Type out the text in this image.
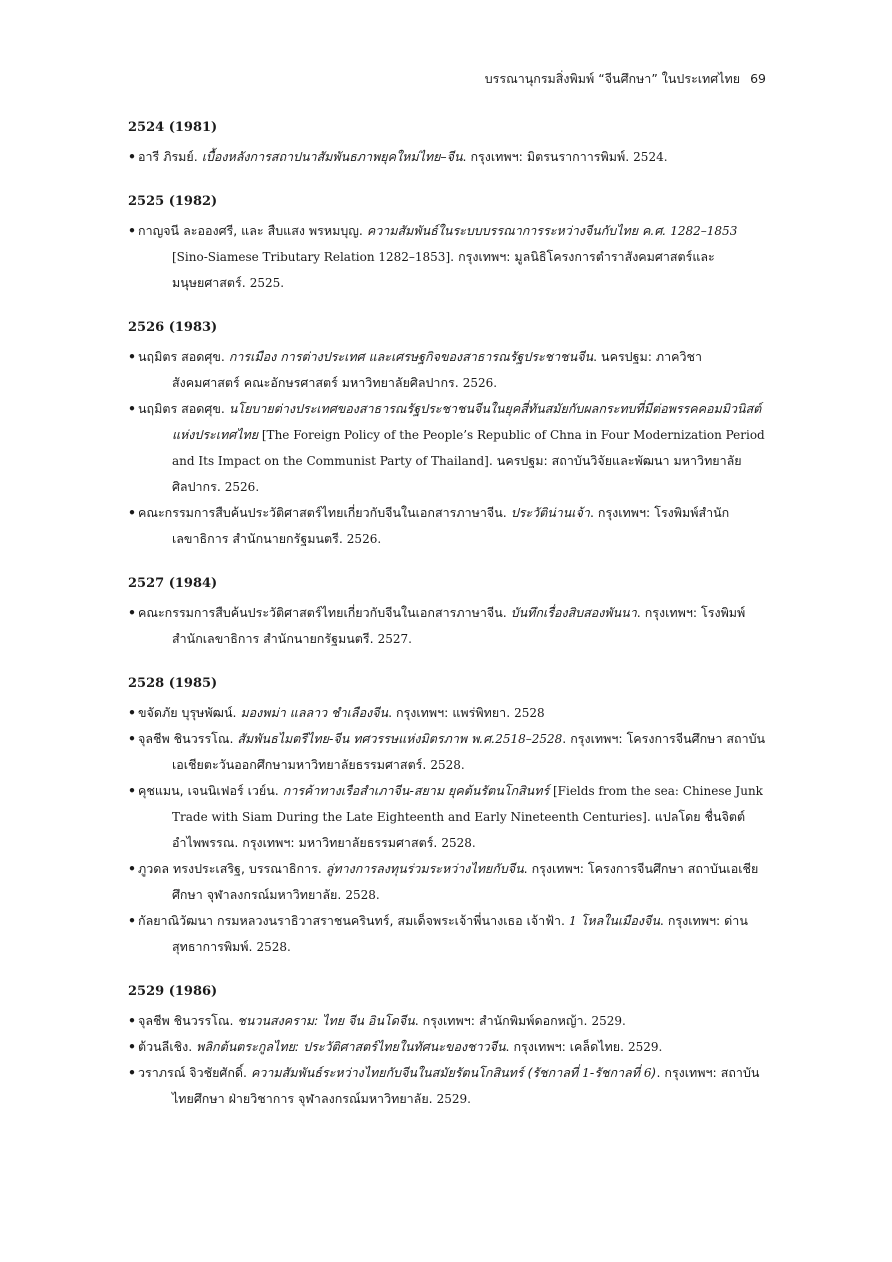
บรรณานุกรมสิ่งพิมพ์ “จีนศึกษา” ในประเทศไทย 69
2524 (1981)
• อารี ภิรมย์. เบื้องหลังการสถาปนาสัมพันธภาพยุคใหม่ไทย–จีน. กรุงเทพฯ: มิตรนรากาารพิมพ์. 2524.
2525 (1982)
• กาญจนี ละอองศรี, และ สืบแสง พรหมบุญ. ความสัมพันธ์ในระบบบรรณาการระหว่างจีนกับไทย ค.ศ. 1282–1853 [Sino-Siamese Tributary Relation 1282–1853]. กรุงเทพฯ: มูลนิธิโครงการตำราสังคมศาสตร์และมนุษยศาสตร์. 2525.
2526 (1983)
• นฤมิตร สอดศุข. การเมือง การต่างประเทศ และเศรษฐกิจของสาธารณรัฐประชาชนจีน. นครปฐม: ภาควิชาสังคมศาสตร์ คณะอักษรศาสตร์ มหาวิทยาลัยศิลปากร. 2526.
• นฤมิตร สอดศุข. นโยบายต่างประเทศของสาธารณรัฐประชาชนจีนในยุคสี่ทันสมัยกับผลกระทบที่มีต่อพรรคคอมมิวนิสต์แห่งประเทศไทย [The Foreign Policy of the People’s Republic of Chna in Four Modernization Period and Its Impact on the Communist Party of Thailand]. นครปฐม: สถาบันวิจัยและพัฒนา มหาวิทยาลัยศิลปากร. 2526.
• คณะกรรมการสืบค้นประวัติศาสตร์ไทยเกี่ยวกับจีนในเอกสารภาษาจีน. ประวัติน่านเจ้า. กรุงเทพฯ: โรงพิมพ์สำนักเลขาธิการ สำนักนายกรัฐมนตรี. 2526.
2527 (1984)
• คณะกรรมการสืบค้นประวัติศาสตร์ไทยเกี่ยวกับจีนในเอกสารภาษาจีน. บันทึกเรื่องสิบสองพันนา. กรุงเทพฯ: โรงพิมพ์สำนักเลขาธิการ สำนักนายกรัฐมนตรี. 2527.
2528 (1985)
• ขจัดภัย บุรุษพัฒน์. มองพม่า แลลาว ชำเลืองจีน. กรุงเทพฯ: แพร่พิทยา. 2528
• จุลชีพ ชินวรรโณ. สัมพันธไมตรีไทย-จีน ทศวรรษแห่งมิตรภาพ พ.ศ.2518–2528. กรุงเทพฯ: โครงการจีนศึกษา สถาบันเอเชียตะวันออกศึกษามหาวิทยาลัยธรรมศาสตร์. 2528.
• คุชแมน, เจนนิเฟอร์ เวย์น. การค้าทางเรือสำเภาจีน-สยาม ยุคต้นรัตนโกสินทร์ [Fields from the sea: Chinese Junk Trade with Siam During the Late Eighteenth and Early Nineteenth Centuries]. แปลโดย ชื่นจิตต์ อำไพพรรณ. กรุงเทพฯ: มหาวิทยาลัยธรรมศาสตร์. 2528.
• ภูวดล ทรงประเสริฐ, บรรณาธิการ. ลู่ทางการลงทุนร่วมระหว่างไทยกับจีน. กรุงเทพฯ: โครงการจีนศึกษา สถาบันเอเชียศึกษา จุฬาลงกรณ์มหาวิทยาลัย. 2528.
• กัลยาณิวัฒนา กรมหลวงนราธิวาสราชนครินทร์, สมเด็จพระเจ้าพี่นางเธอ เจ้าฟ้า. 1 โหลในเมืองจีน. กรุงเทพฯ: ด่านสุทธาการพิมพ์. 2528.
2529 (1986)
• จุลชีพ ชินวรรโณ. ชนวนสงคราม: ไทย จีน อินโดจีน. กรุงเทพฯ: สำนักพิมพ์ดอกหญ้า. 2529.
• ต้วนลีเชิง. พลิกต้นตระกูลไทย: ประวัติศาสตร์ไทยในทัศนะของชาวจีน. กรุงเทพฯ: เคล็ดไทย. 2529.
• วราภรณ์ จิวชัยศักดิ์. ความสัมพันธ์ระหว่างไทยกับจีนในสมัยรัตนโกสินทร์ (รัชกาลที่ 1-รัชกาลที่ 6). กรุงเทพฯ: สถาบันไทยศึกษา ฝ่ายวิชาการ จุฬาลงกรณ์มหาวิทยาลัย. 2529.
